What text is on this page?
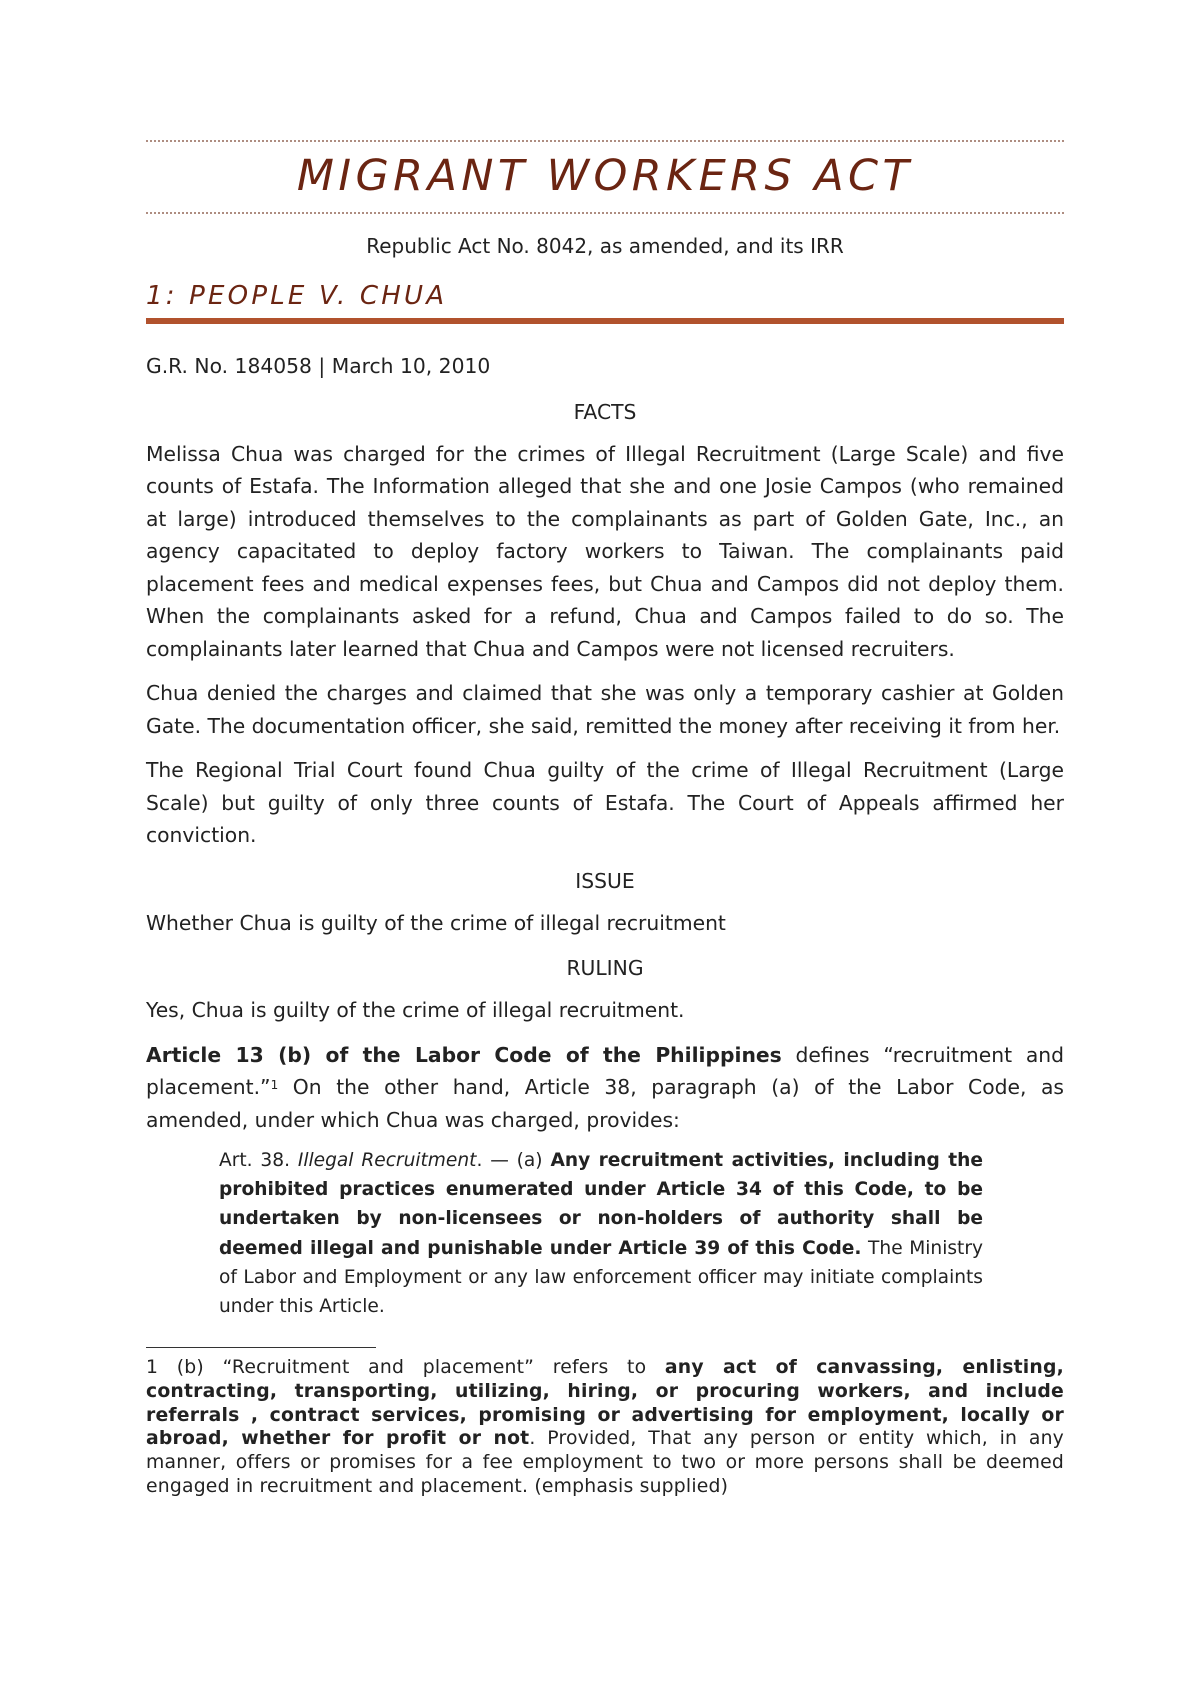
MIGRANT WORKERS ACT
Republic Act No. 8042, as amended, and its IRR
1: PEOPLE V. CHUA

G.R. No. 184058 | March 10, 2010

FACTS

Melissa Chua was charged for the crimes of Illegal Recruitment (Large Scale) and five counts of Estafa. The Information alleged that she and one Josie Campos (who remained at large) introduced themselves to the complainants as part of Golden Gate, Inc., an agency capacitated to deploy factory workers to Taiwan. The complainants paid placement fees and medical expenses fees, but Chua and Campos did not deploy them. When the complainants asked for a refund, Chua and Campos failed to do so. The complainants later learned that Chua and Campos were not licensed recruiters.

Chua denied the charges and claimed that she was only a temporary cashier at Golden Gate. The documentation officer, she said, remitted the money after receiving it from her.

The Regional Trial Court found Chua guilty of the crime of Illegal Recruitment (Large Scale) but guilty of only three counts of Estafa. The Court of Appeals affirmed her conviction.

ISSUE

Whether Chua is guilty of the crime of illegal recruitment

RULING

Yes, Chua is guilty of the crime of illegal recruitment.

Article 13 (b) of the Labor Code of the Philippines defines “recruitment and placement.”$^1$ On the other hand, Article 38, paragraph (a) of the Labor Code, as amended, under which Chua was charged, provides:

Art. 38. Illegal Recruitment. — (a) Any recruitment activities, including the prohibited practices enumerated under Article 34 of this Code, to be undertaken by non-licensees or non-holders of authority shall be deemed illegal and punishable under Article 39 of this Code. The Ministry of Labor and Employment or any law enforcement officer may initiate complaints under this Article.
1 (b) “Recruitment and placement” refers to any act of canvassing, enlisting, contracting, transporting, utilizing, hiring, or procuring workers, and include referrals , contract services, promising or advertising for employment, locally or abroad, whether for profit or not. Provided, That any person or entity which, in any manner, offers or promises for a fee employment to two or more persons shall be deemed engaged in recruitment and placement. (emphasis supplied)
